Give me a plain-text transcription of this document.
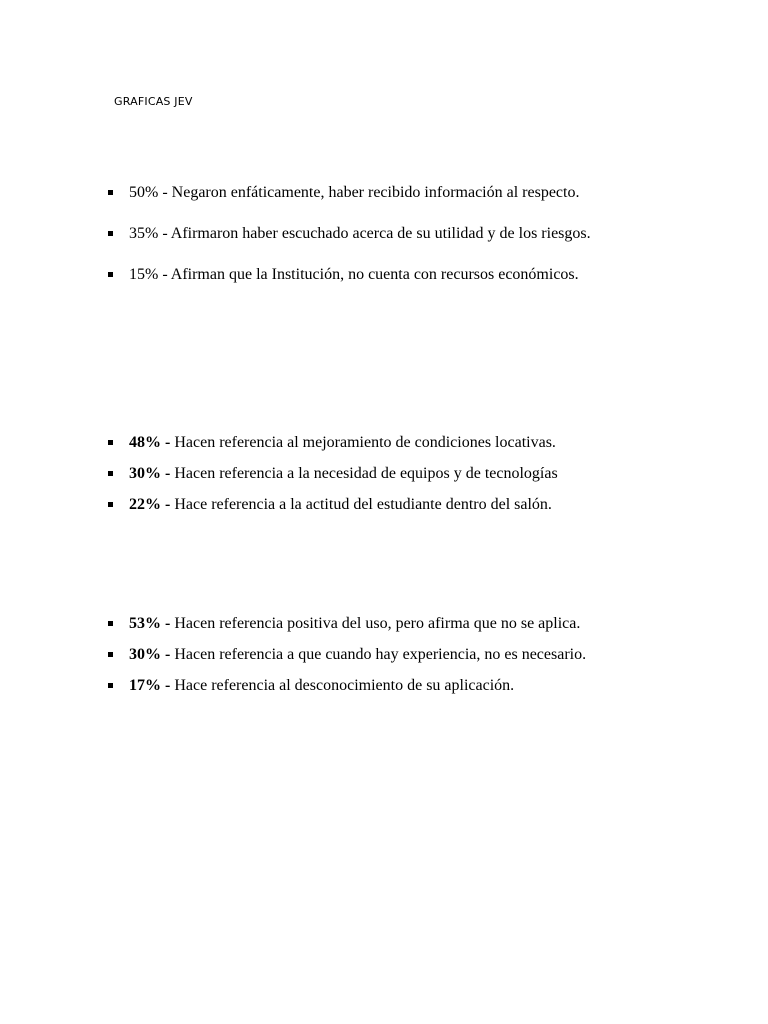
GRAFICAS JEV
50% - Negaron enfáticamente, haber recibido información al respecto.
35% - Afirmaron haber escuchado acerca de su utilidad y de los riesgos.
15% - Afirman que la Institución, no cuenta con recursos económicos.
48% - Hacen referencia al mejoramiento de condiciones locativas.
30% - Hacen referencia a la necesidad de equipos y de tecnologías
22% - Hace referencia a la actitud del estudiante dentro del salón.
53% - Hacen referencia positiva del uso, pero afirma que no se aplica.
30% - Hacen referencia a que cuando hay experiencia, no es necesario.
17% - Hace referencia al desconocimiento de su aplicación.
